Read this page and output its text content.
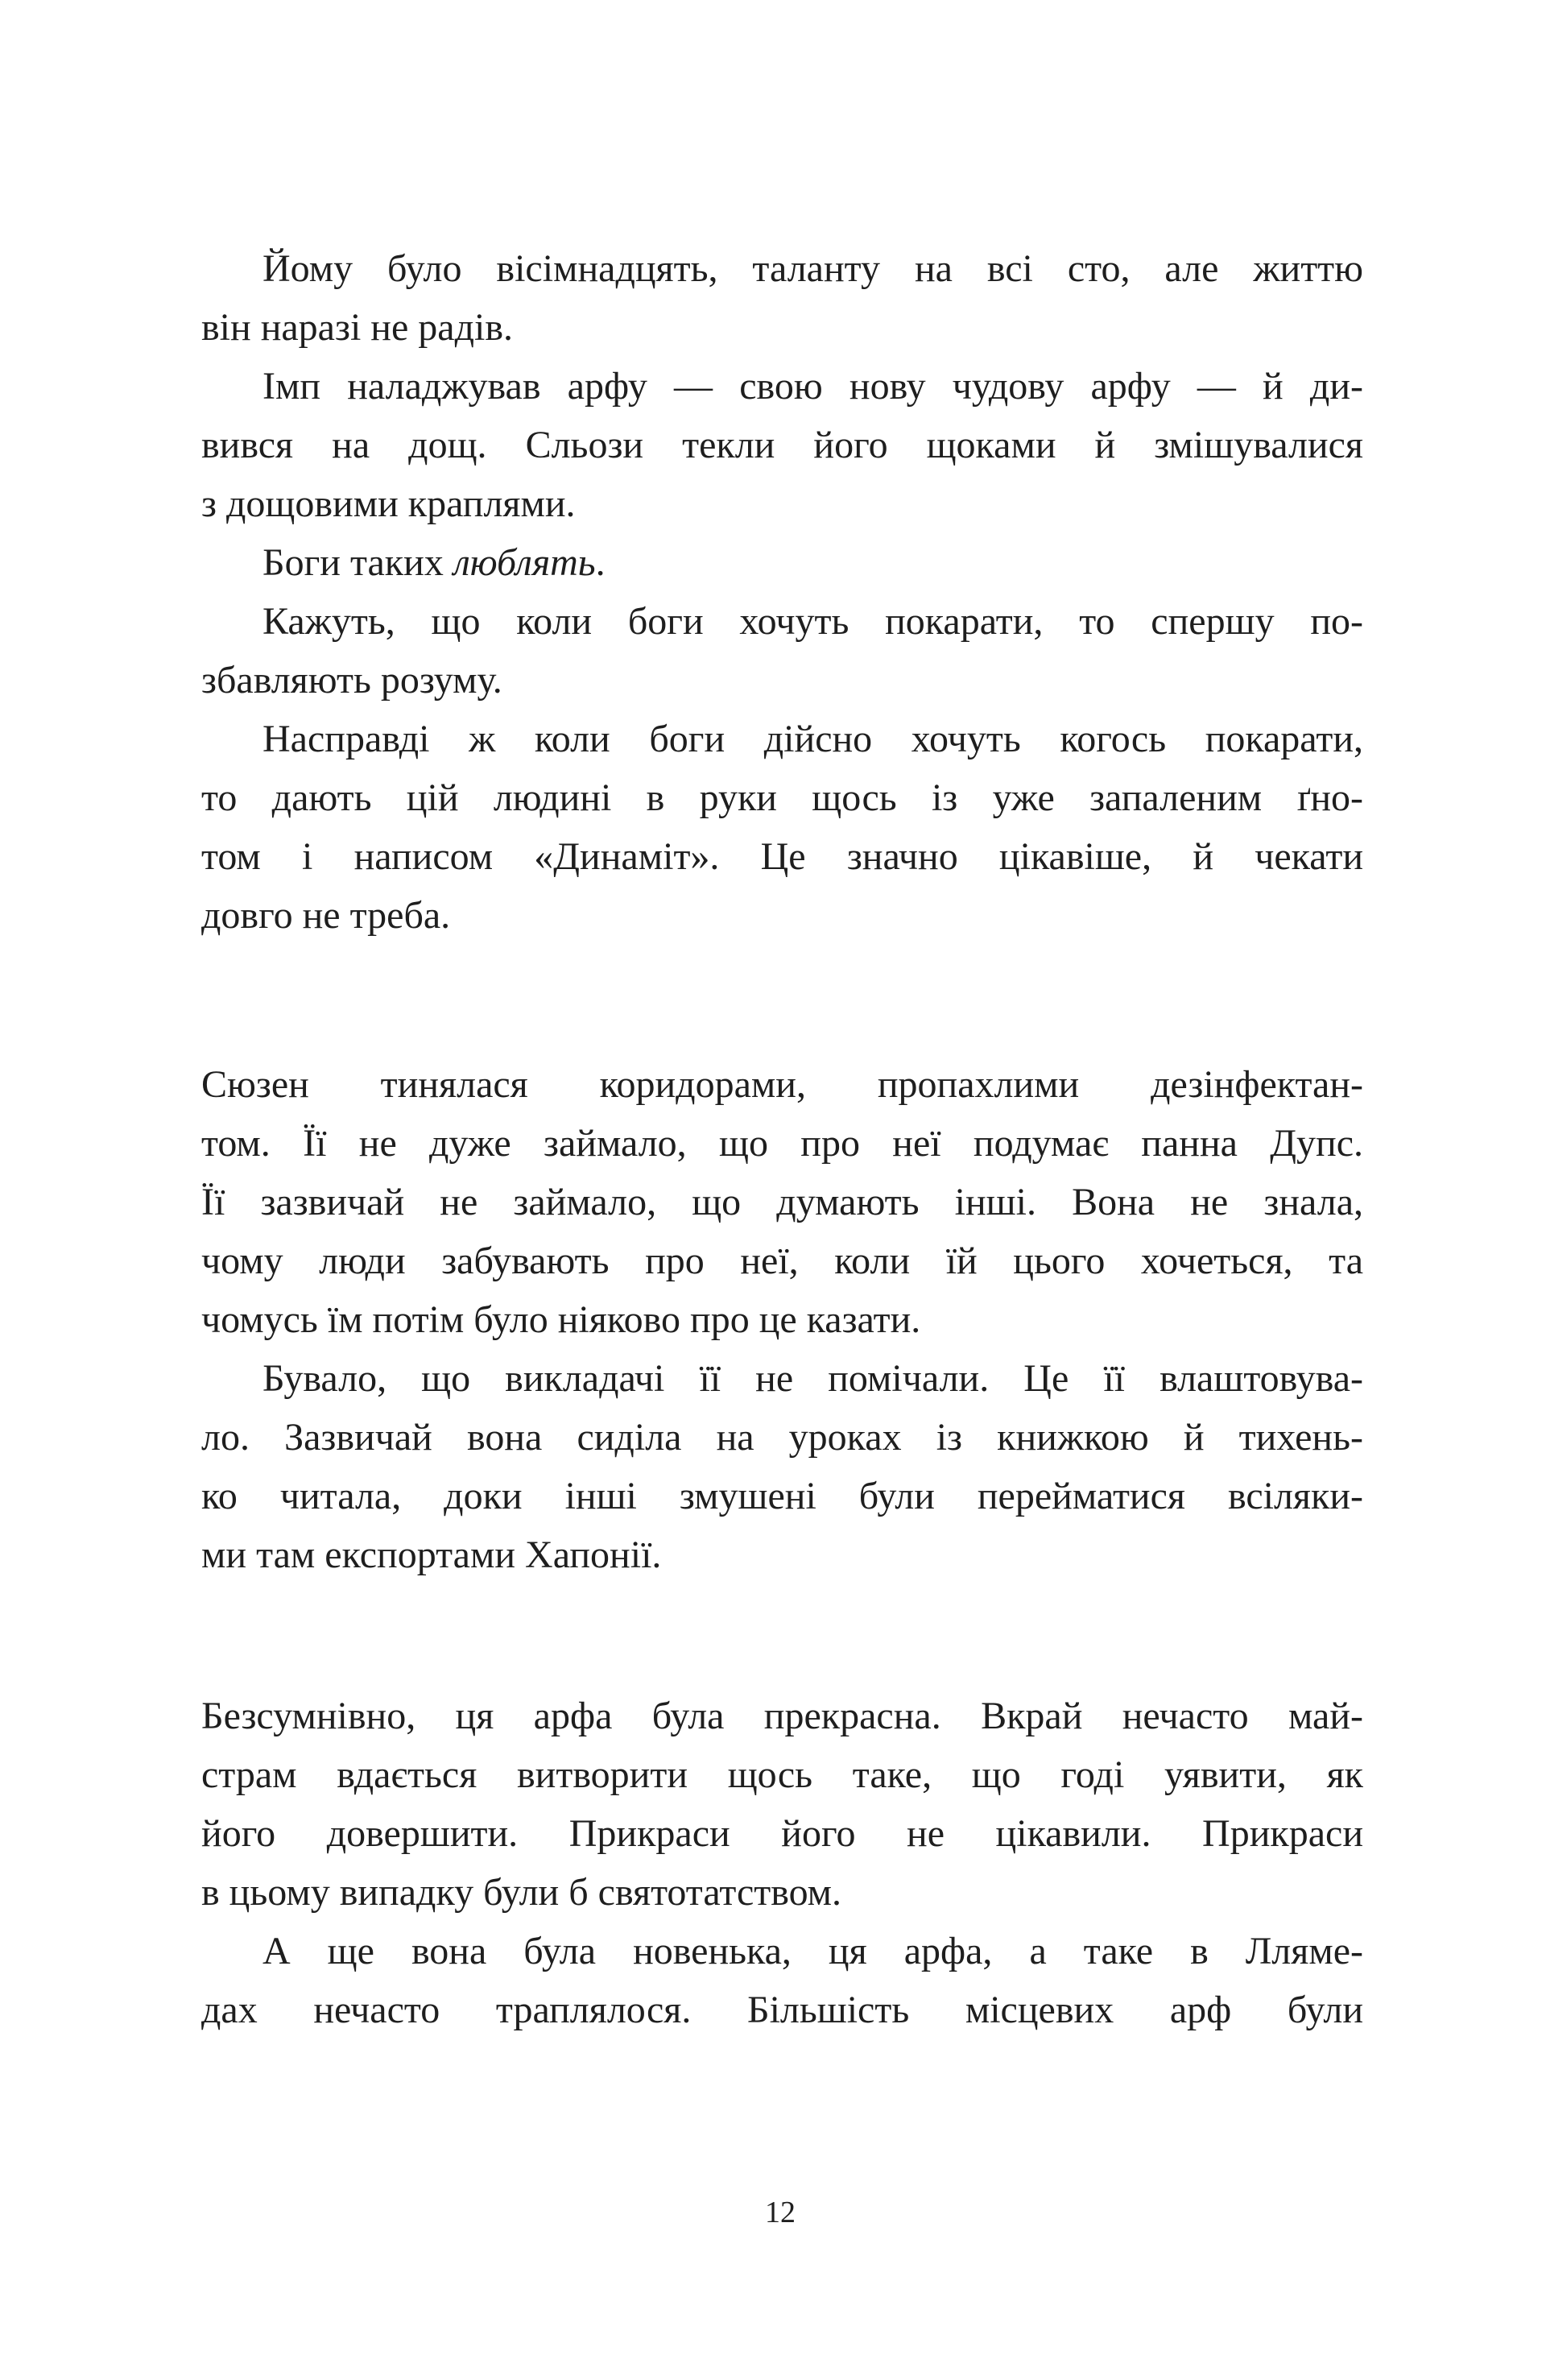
Йому було вісімнадцять, таланту на всі сто, але життю
він наразі не радів.
Імп наладжував арфу — свою нову чудову арфу — й ди-
вився на дощ. Сльози текли його щоками й змішувалися
з дощовими краплями.
Боги таких люблять.
Кажуть, що коли боги хочуть покарати, то спершу по-
збавляють розуму.
Насправді ж коли боги дійсно хочуть когось покарати,
то дають цій людині в руки щось із уже запаленим ґно-
том і написом «Динаміт». Це значно цікавіше, й чекати
довго не треба.
Сюзен тинялася коридорами, пропахлими дезінфектан-
том. Її не дуже займало, що про неї подумає панна Дупс.
Її зазвичай не займало, що думають інші. Вона не знала,
чому люди забувають про неї, коли їй цього хочеться, та
чомусь їм потім було ніяково про це казати.
Бувало, що викладачі її не помічали. Це її влаштовува-
ло. Зазвичай вона сиділа на уроках із книжкою й тихень-
ко читала, доки інші змушені були перейматися всіляки-
ми там експортами Хапонії.
Безсумнівно, ця арфа була прекрасна. Вкрай нечасто май-
страм вдається витворити щось таке, що годі уявити, як
його довершити. Прикраси його не цікавили. Прикраси
в цьому випадку були б святотатством.
А ще вона була новенька, ця арфа, а таке в Лляме-
дах нечасто траплялося. Більшість місцевих арф були
12
